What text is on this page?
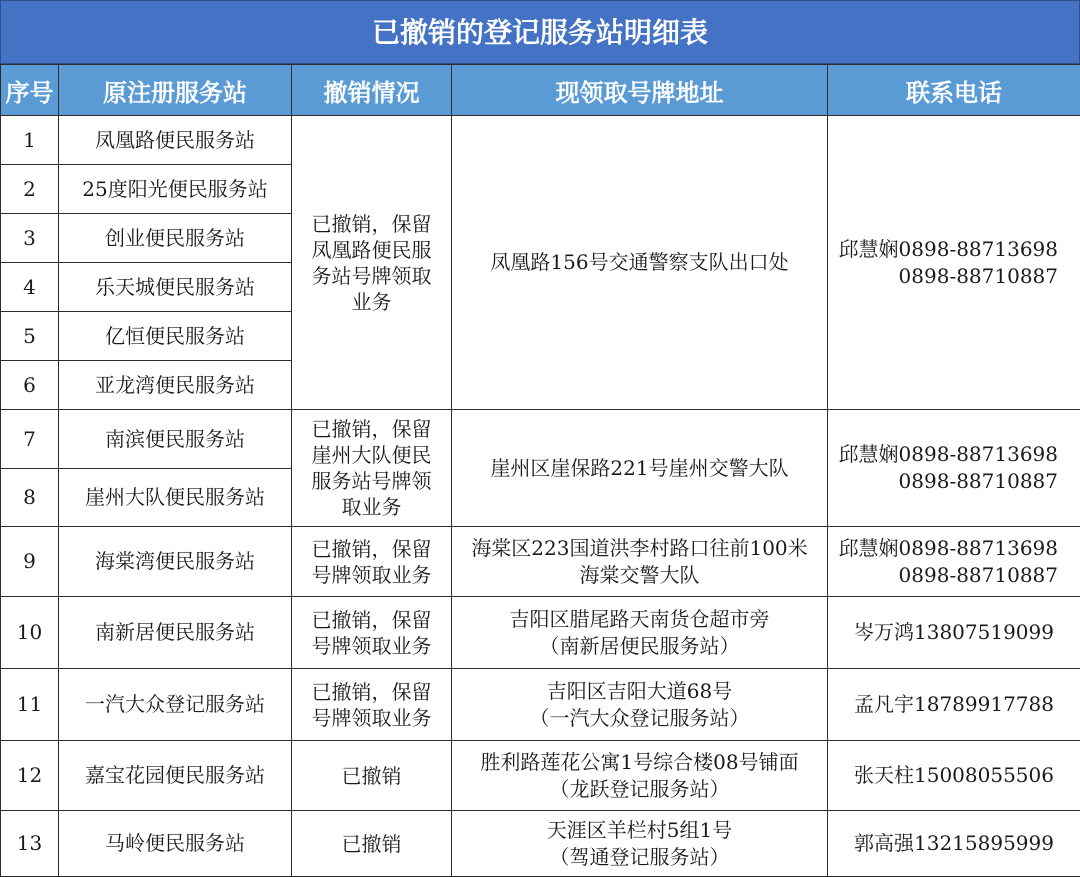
已撤销的登记服务站明细表
序号	原注册服务站	撤销情况	现领取号牌地址	联系电话
1	凤凰路便民服务站	已撤销，保留凤凰路便民服务站号牌领取业务	凤凰路156号交通警察支队出口处	邱慧娴0898-88713698
0898-88710887

2	25度阳光便民服务站			
3	创业便民服务站			
4	乐天城便民服务站			
5	亿恒便民服务站			
6	亚龙湾便民服务站			
7	南滨便民服务站	已撤销，保留崖州大队便民服务站号牌领取业务	崖州区崖保路221号崖州交警大队	邱慧娴0898-88713698
0898-88710887

8	崖州大队便民服务站			
9	海棠湾便民服务站	已撤销，保留号牌领取业务	海棠区223国道洪李村路口往前100米
海棠交警大队	邱慧娴0898-88713698
0898-88710887

10	南新居便民服务站	已撤销，保留号牌领取业务	吉阳区腊尾路天南货仓超市旁
（南新居便民服务站）	岑万鸿13807519099
11	一汽大众登记服务站	已撤销，保留号牌领取业务	吉阳区吉阳大道68号
（一汽大众登记服务站）	孟凡宇18789917788
12	嘉宝花园便民服务站	已撤销	胜利路莲花公寓1号综合楼08号铺面
（龙跃登记服务站）	张天柱15008055506
13	马岭便民服务站	已撤销	天涯区羊栏村5组1号
（驾通登记服务站）	郭高强13215895999
